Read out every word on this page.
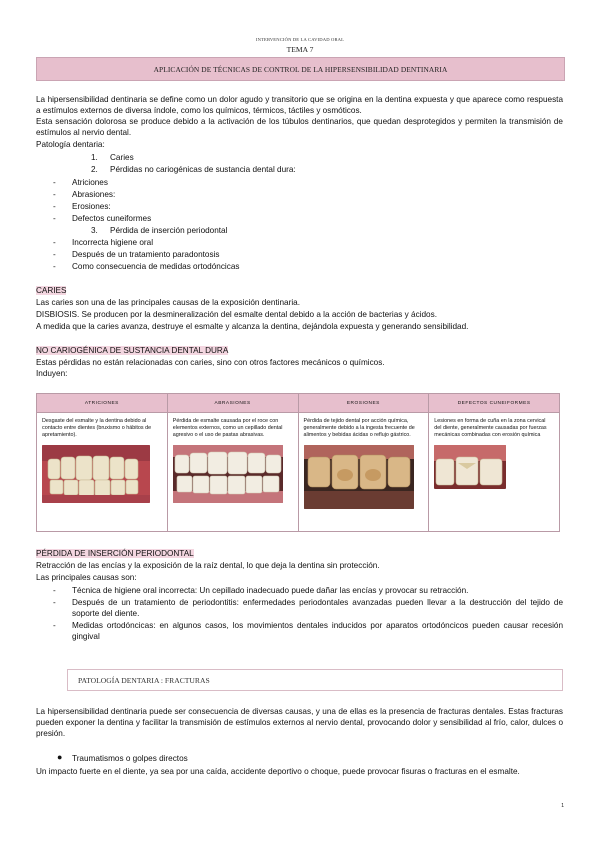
INTERVENCIÓN DE LA CAVIDAD ORAL
TEMA 7
APLICACIÓN DE TÉCNICAS DE CONTROL DE LA HIPERSENSIBILIDAD DENTINARIA
La hipersensibilidad dentinaria se define como un dolor agudo y transitorio que se origina en la dentina expuesta y que aparece como respuesta a estímulos externos de diversa índole, como los químicos, térmicos, táctiles y osmóticos.
Esta sensación dolorosa se produce debido a la activación de los túbulos dentinarios, que quedan desprotegidos y permiten la transmisión de estímulos al nervio dental.
Patología dentaria:
1. Caries
2. Pérdidas no cariogénicas de sustancia dental dura:
- Atriciones
- Abrasiones:
- Erosiones:
- Defectos cuneiformes
3. Pérdida de inserción periodontal
- Incorrecta higiene oral
- Después de un tratamiento paradontosis
- Como consecuencia de medidas ortodóncicas
CARIES
Las caries son una de las principales causas de la exposición dentinaria.
DISBIOSIS. Se producen por la desmineralización del esmalte dental debido a la acción de bacterias y ácidos.
A medida que la caries avanza, destruye el esmalte y alcanza la dentina, dejándola expuesta y generando sensibilidad.
NO CARIOGÉNICA DE SUSTANCIA DENTAL DURA
Estas pérdidas no están relacionadas con caries, sino con otros factores mecánicos o químicos. Induyen:
ATRICIONES	ABRASIONES	EROSIONES	DEFECTOS CUNEIFORMES

Desgaste del esmalte y la dentina debido al contacto entre dientes (bruxismo o hábitos de apretamiento).	Pérdida de esmalte causada por el roce con elementos externos, como un cepillado dental agresivo o el uso de pastas abrasivas.	Pérdida de tejido dental por acción química, generalmente debido a la ingesta frecuente de alimentos y bebidas ácidas o reflujo gástrico.	Lesiones en forma de cuña en la zona cervical del diente, generalmente causadas por fuerzas mecánicas combinadas con erosión química
PÉRDIDA DE INSERCIÓN PERIODONTAL
Retracción de las encías y la exposición de la raíz dental, lo que deja la dentina sin protección.
Las principales causas son:
- Técnica de higiene oral incorrecta: Un cepillado inadecuado puede dañar las encías y provocar su retracción.
- Después de un tratamiento de periodontitis: enfermedades periodontales avanzadas pueden llevar a la destrucción del tejido de soporte del diente.
- Medidas ortodóncicas: en algunos casos, los movimientos dentales inducidos por aparatos ortodóncicos pueden causar recesión gingival
PATOLOGÍA DENTARIA : FRACTURAS
La hipersensibilidad dentinaria puede ser consecuencia de diversas causas, y una de ellas es la presencia de fracturas dentales. Estas fracturas pueden exponer la dentina y facilitar la transmisión de estímulos externos al nervio dental, provocando dolor y sensibilidad al frío, calor, dulces o presión.
● Traumatismos o golpes directos
Un impacto fuerte en el diente, ya sea por una caída, accidente deportivo o choque, puede provocar fisuras o fracturas en el esmalte.
1
